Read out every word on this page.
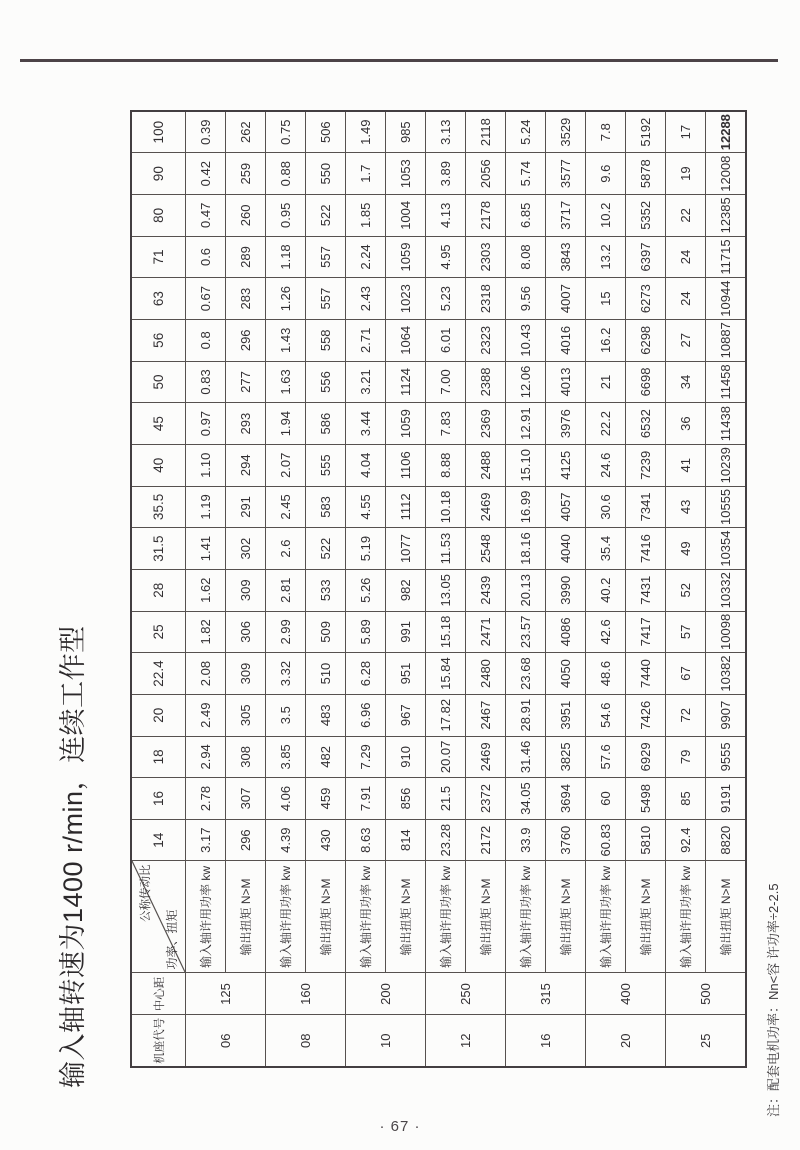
输入轴转速为1400 r/min，连续工作型	机座代号	中心距	公称传动比
功率、扭矩	14	16	18	20	22.4	25	28	31.5	35.5	40	45	50	56	63	71	80	90	100
06	125	输入轴许用功率 kw	3.17	2.78	2.94	2.49	2.08	1.82	1.62	1.41	1.19	1.10	0.97	0.83	0.8	0.67	0.6	0.47	0.42	0.39
		输出扭矩 N>M	296	307	308	305	309	306	309	302	291	294	293	277	296	283	289	260	259	262
08	160	输入轴许用功率 kw	4.39	4.06	3.85	3.5	3.32	2.99	2.81	2.6	2.45	2.07	1.94	1.63	1.43	1.26	1.18	0.95	0.88	0.75
		输出扭矩 N>M	430	459	482	483	510	509	533	522	583	555	586	556	558	557	557	522	550	506
10	200	输入轴许用功率 kw	8.63	7.91	7.29	6.96	6.28	5.89	5.26	5.19	4.55	4.04	3.44	3.21	2.71	2.43	2.24	1.85	1.7	1.49
		输出扭矩 N>M	814	856	910	967	951	991	982	1077	1112	1106	1059	1124	1064	1023	1059	1004	1053	985
12	250	输入轴许用功率 kw	23.28	21.5	20.07	17.82	15.84	15.18	13.05	11.53	10.18	8.88	7.83	7.00	6.01	5.23	4.95	4.13	3.89	3.13
		输出扭矩 N>M	2172	2372	2469	2467	2480	2471	2439	2548	2469	2488	2369	2388	2323	2318	2303	2178	2056	2118
16	315	输入轴许用功率 kw	33.9	34.05	31.46	28.91	23.68	23.57	20.13	18.16	16.99	15.10	12.91	12.06	10.43	9.56	8.08	6.85	5.74	5.24
		输出扭矩 N>M	3760	3694	3825	3951	4050	4086	3990	4040	4057	4125	3976	4013	4016	4007	3843	3717	3577	3529
20	400	输入轴许用功率 kw	60.83	60	57.6	54.6	48.6	42.6	40.2	35.4	30.6	24.6	22.2	21	16.2	15	13.2	10.2	9.6	7.8
		输出扭矩 N>M	5810	5498	6929	7426	7440	7417	7431	7416	7341	7239	6532	6698	6298	6273	6397	5352	5878	5192
25	500	输入轴许用功率 kw	92.4	85	79	72	67	57	52	49	43	41	36	34	27	24	24	22	19	17
		输出扭矩 N>M	8820	9191	9555	9907	10382	10098	10332	10354	10555	10239	11438	11458	10887	10944	11715	12385	12008	12288
注：配套电机功率：Nn<容 许功率÷2-2.5
· 67 ·
